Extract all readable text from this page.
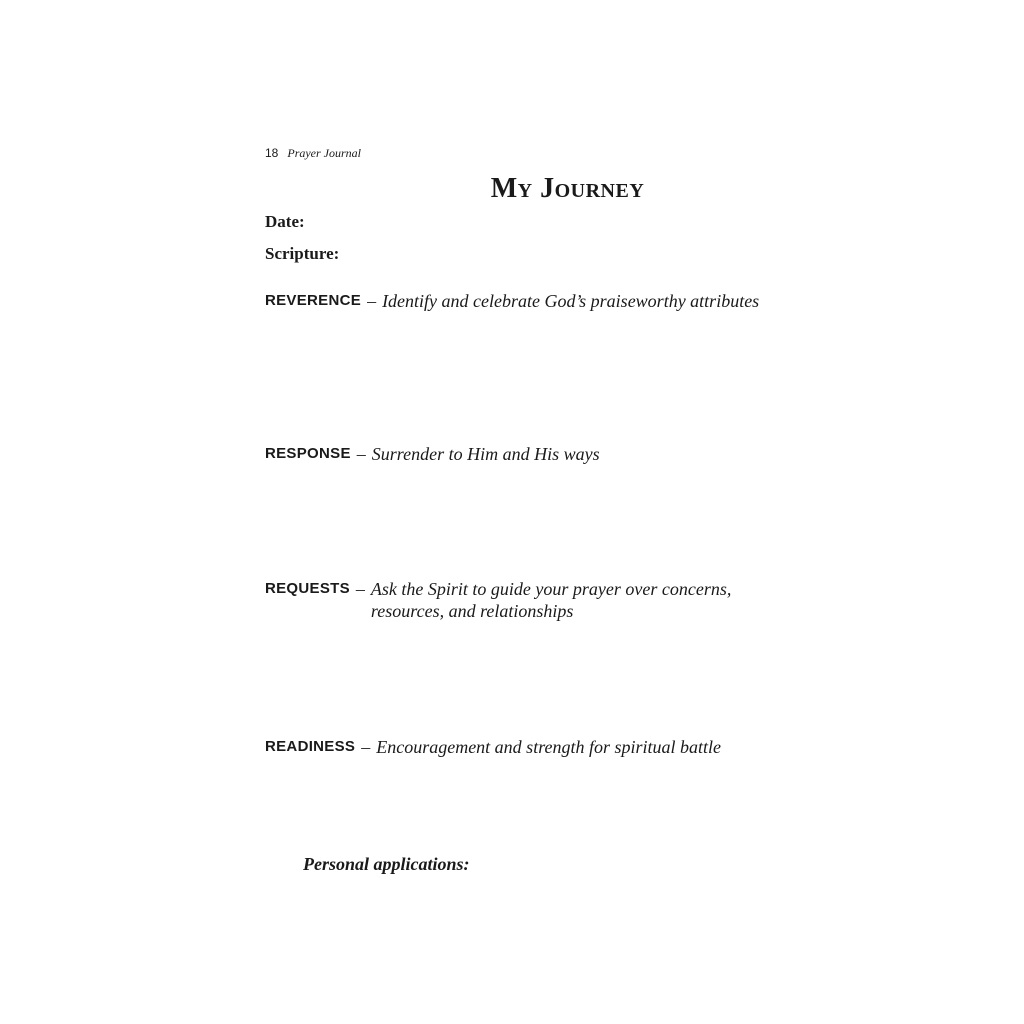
18 Prayer Journal
My Journey
Date:
Scripture:
REVERENCE – Identify and celebrate God’s praiseworthy attributes
RESPONSE – Surrender to Him and His ways
REQUESTS – Ask the Spirit to guide your prayer over concerns, resources, and relationships
READINESS – Encouragement and strength for spiritual battle
Personal applications:
